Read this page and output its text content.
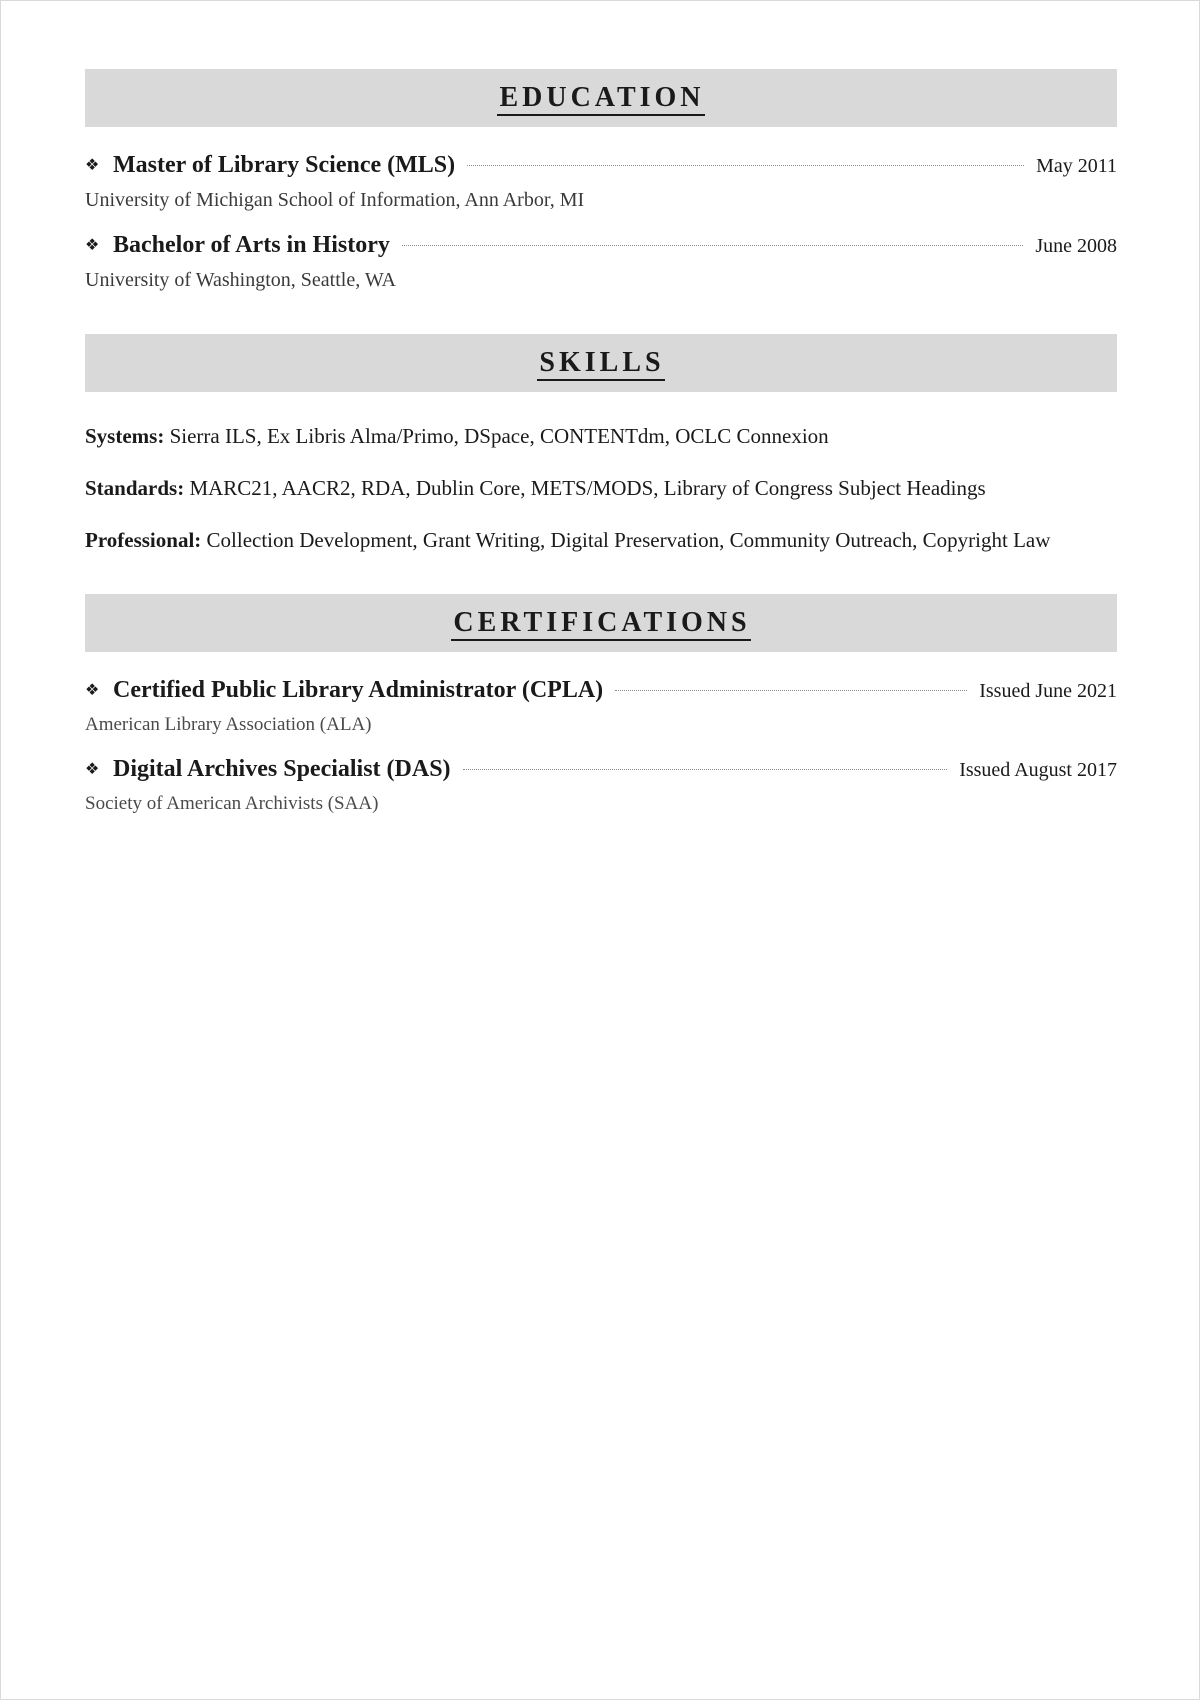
EDUCATION
❖ Master of Library Science (MLS)	May 2011
University of Michigan School of Information, Ann Arbor, MI
❖ Bachelor of Arts in History	June 2008
University of Washington, Seattle, WA
SKILLS
Systems: Sierra ILS, Ex Libris Alma/Primo, DSpace, CONTENTdm, OCLC Connexion
Standards: MARC21, AACR2, RDA, Dublin Core, METS/MODS, Library of Congress Subject Headings
Professional: Collection Development, Grant Writing, Digital Preservation, Community Outreach, Copyright Law
CERTIFICATIONS
❖ Certified Public Library Administrator (CPLA)	Issued June 2021
American Library Association (ALA)
❖ Digital Archives Specialist (DAS)	Issued August 2017
Society of American Archivists (SAA)
